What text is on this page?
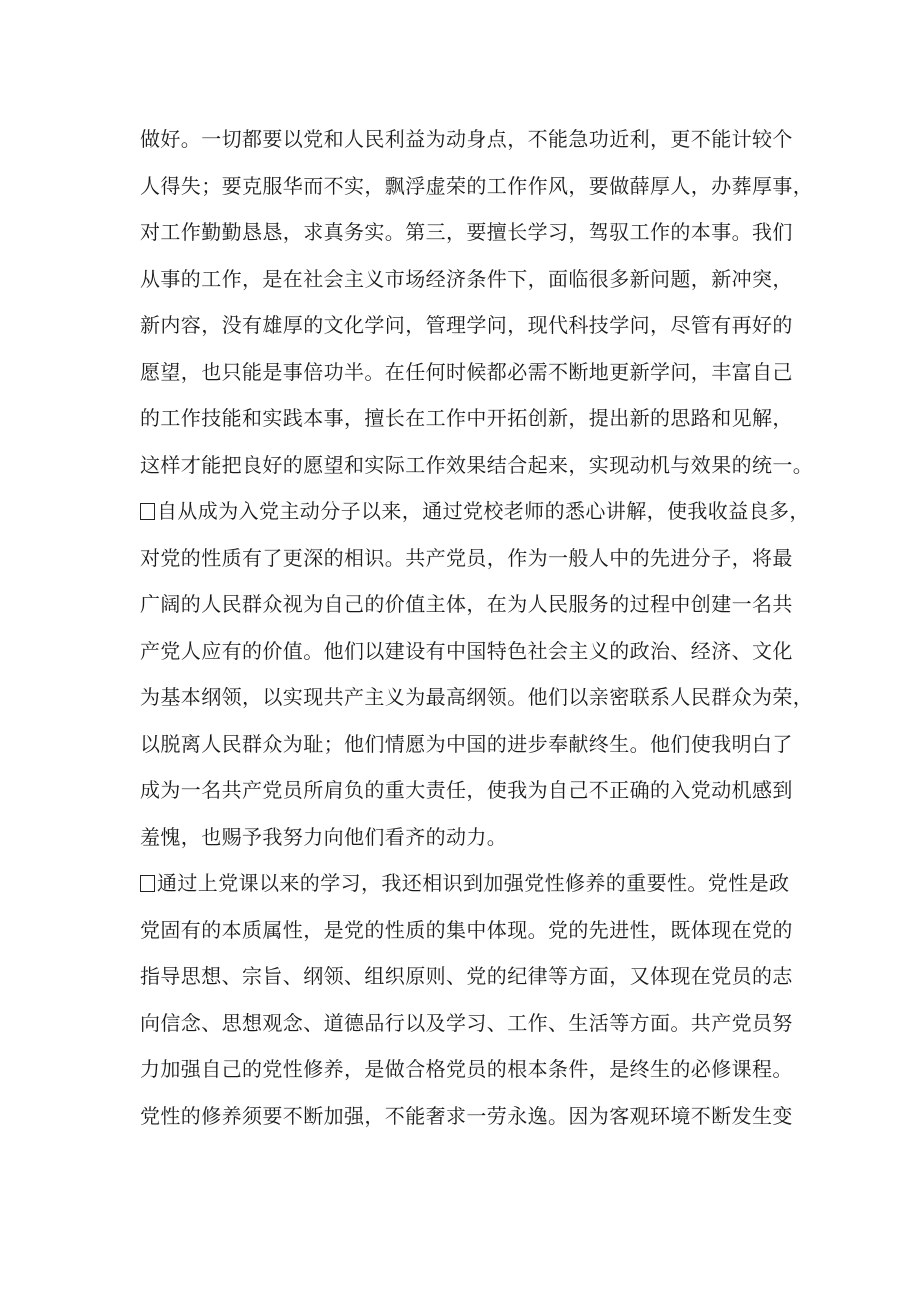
做好。一切都要以党和人民利益为动身点，不能急功近利，更不能计较个
人得失；要克服华而不实，飘浮虚荣的工作作风，要做薛厚人，办葬厚事，
对工作勤勤恳恳，求真务实。第三，要擅长学习，驾驭工作的本事。我们
从事的工作，是在社会主义市场经济条件下，面临很多新问题，新冲突，
新内容，没有雄厚的文化学问，管理学问，现代科技学问，尽管有再好的
愿望，也只能是事倍功半。在任何时候都必需不断地更新学问，丰富自己
的工作技能和实践本事，擅长在工作中开拓创新，提出新的思路和见解，
这样才能把良好的愿望和实际工作效果结合起来，实现动机与效果的统一。
自从成为入党主动分子以来，通过党校老师的悉心讲解，使我收益良多，
对党的性质有了更深的相识。共产党员，作为一般人中的先进分子，将最
广阔的人民群众视为自己的价值主体，在为人民服务的过程中创建一名共
产党人应有的价值。他们以建设有中国特色社会主义的政治、经济、文化
为基本纲领，以实现共产主义为最高纲领。他们以亲密联系人民群众为荣，
以脱离人民群众为耻；他们情愿为中国的进步奉献终生。他们使我明白了
成为一名共产党员所肩负的重大责任，使我为自己不正确的入党动机感到
羞愧，也赐予我努力向他们看齐的动力。
通过上党课以来的学习，我还相识到加强党性修养的重要性。党性是政
党固有的本质属性，是党的性质的集中体现。党的先进性，既体现在党的
指导思想、宗旨、纲领、组织原则、党的纪律等方面，又体现在党员的志
向信念、思想观念、道德品行以及学习、工作、生活等方面。共产党员努
力加强自己的党性修养，是做合格党员的根本条件，是终生的必修课程。
党性的修养须要不断加强，不能奢求一劳永逸。因为客观环境不断发生变
